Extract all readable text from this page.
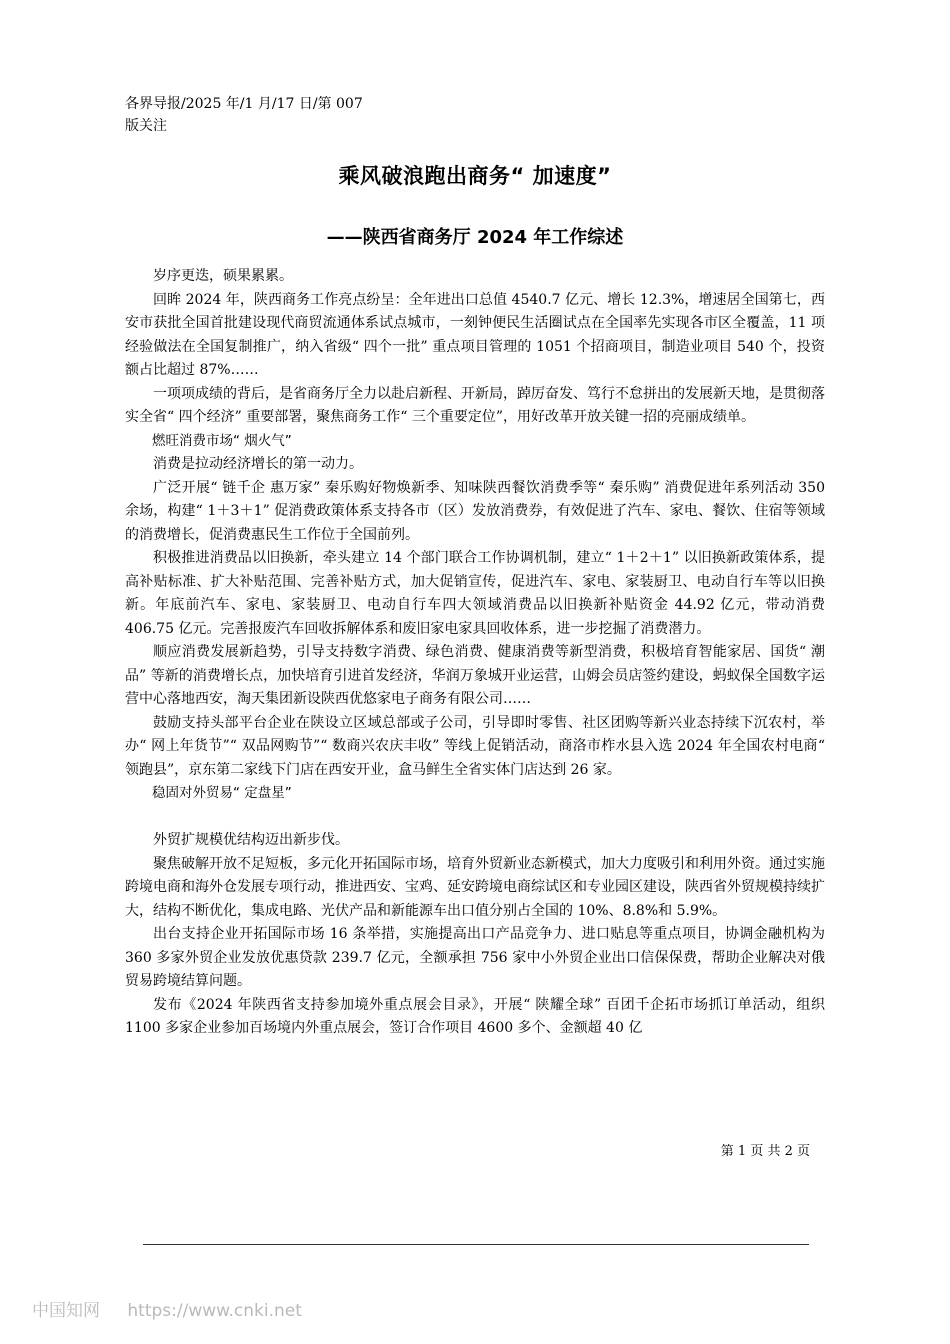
各界导报/2025 年/1 月/17 日/第 007
版关注
乘风破浪跑出商务“ 加速度”
——陕西省商务厅 2024 年工作综述

岁序更迭，硕果累累。

回眸 2024 年，陕西商务工作亮点纷呈：全年进出口总值 4540.7 亿元、增长 12.3%，增速居全国第七，西安市获批全国首批建设现代商贸流通体系试点城市，一刻钟便民生活圈试点在全国率先实现各市区全覆盖，11 项经验做法在全国复制推广，纳入省级“ 四个一批” 重点项目管理的 1051 个招商项目，制造业项目 540 个，投资额占比超过 87%……

一项项成绩的背后，是省商务厅全力以赴启新程、开新局，踔厉奋发、笃行不怠拼出的发展新天地，是贯彻落实全省“ 四个经济” 重要部署，聚焦商务工作“ 三个重要定位”，用好改革开放关键一招的亮丽成绩单。

燃旺消费市场“ 烟火气”

消费是拉动经济增长的第一动力。

广泛开展“ 链千企 惠万家” 秦乐购好物焕新季、知味陕西餐饮消费季等“ 秦乐购” 消费促进年系列活动 350 余场，构建“ 1＋3＋1” 促消费政策体系支持各市（区）发放消费券，有效促进了汽车、家电、餐饮、住宿等领域的消费增长，促消费惠民生工作位于全国前列。

积极推进消费品以旧换新，牵头建立 14 个部门联合工作协调机制，建立“ 1＋2＋1” 以旧换新政策体系，提高补贴标准、扩大补贴范围、完善补贴方式，加大促销宣传，促进汽车、家电、家装厨卫、电动自行车等以旧换新。年底前汽车、家电、家装厨卫、电动自行车四大领域消费品以旧换新补贴资金 44.92 亿元，带动消费 406.75 亿元。完善报废汽车回收拆解体系和废旧家电家具回收体系，进一步挖掘了消费潜力。

顺应消费发展新趋势，引导支持数字消费、绿色消费、健康消费等新型消费，积极培育智能家居、国货“ 潮品” 等新的消费增长点，加快培育引进首发经济，华润万象城开业运营，山姆会员店签约建设，蚂蚁保全国数字运营中心落地西安，淘天集团新设陕西优悠家电子商务有限公司……

鼓励支持头部平台企业在陕设立区域总部或子公司，引导即时零售、社区团购等新兴业态持续下沉农村，举办“ 网上年货节”“ 双品网购节”“ 数商兴农庆丰收” 等线上促销活动，商洛市柞水县入选 2024 年全国农村电商“ 领跑县”，京东第二家线下门店在西安开业，盒马鲜生全省实体门店达到 26 家。

稳固对外贸易“ 定盘星”

外贸扩规模优结构迈出新步伐。

聚焦破解开放不足短板，多元化开拓国际市场，培育外贸新业态新模式，加大力度吸引和利用外资。通过实施跨境电商和海外仓发展专项行动，推进西安、宝鸡、延安跨境电商综试区和专业园区建设，陕西省外贸规模持续扩大，结构不断优化，集成电路、光伏产品和新能源车出口值分别占全国的 10%、8.8%和 5.9%。

出台支持企业开拓国际市场 16 条举措，实施提高出口产品竞争力、进口贴息等重点项目，协调金融机构为 360 多家外贸企业发放优惠贷款 239.7 亿元，全额承担 756 家中小外贸企业出口信保保费，帮助企业解决对俄贸易跨境结算问题。

发布《2024 年陕西省支持参加境外重点展会目录》，开展“ 陕耀全球” 百团千企拓市场抓订单活动，组织 1100 多家企业参加百场境内外重点展会，签订合作项目 4600 多个、金额超 40 亿

第 1 页 共 2 页
中国知网 https://www.cnki.net
